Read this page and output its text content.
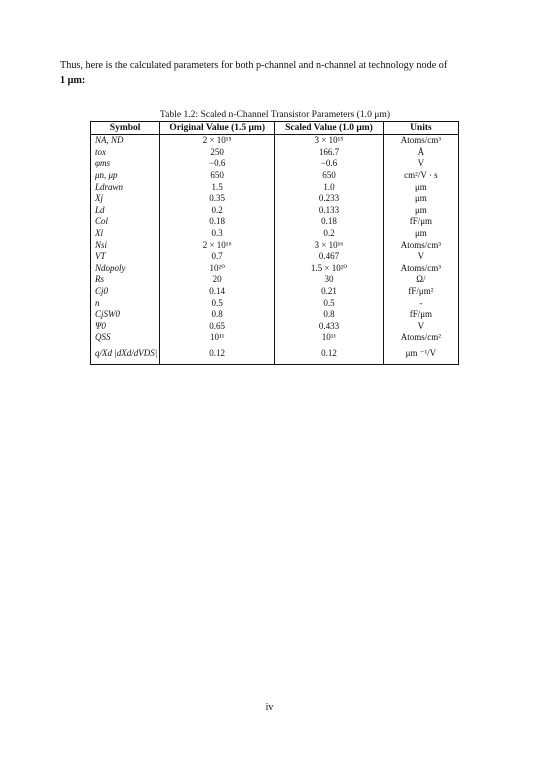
Thus, here is the calculated parameters for both p-channel and n-channel at technology node of
1 μm:
Table 1.2: Scaled n-Channel Transistor Parameters (1.0 μm)
Symbol	Original Value (1.5 μm)	Scaled Value (1.0 μm)	Units
NA, ND	2 × 10¹⁵	3 × 10¹⁵	Atoms/cm³
tox	250	166.7	Å
φms	−0.6	−0.6	V
μn, μp	650	650	cm²/V · s
Ldrawn	1.5	1.0	μm
Xj	0.35	0.233	μm
Ld	0.2	0.133	μm
Col	0.18	0.18	fF/μm
Xl	0.3	0.2	μm
Nsi	2 × 10¹⁶	3 × 10¹⁶	Atoms/cm³
VT	0.7	0.467	V
Ndopoly	10²⁰	1.5 × 10²⁰	Atoms/cm³
Rs	20	30	Ω/
Cj0	0.14	0.21	fF/μm²
n	0.5	0.5	-
CjSW0	0.8	0.8	fF/μm
Ψ0	0.65	0.433	V
QSS	10¹¹	10¹¹	Atoms/cm²
q/Xd |dXd/dVDS|	0.12	0.12	μm ⁻¹/V
iv
